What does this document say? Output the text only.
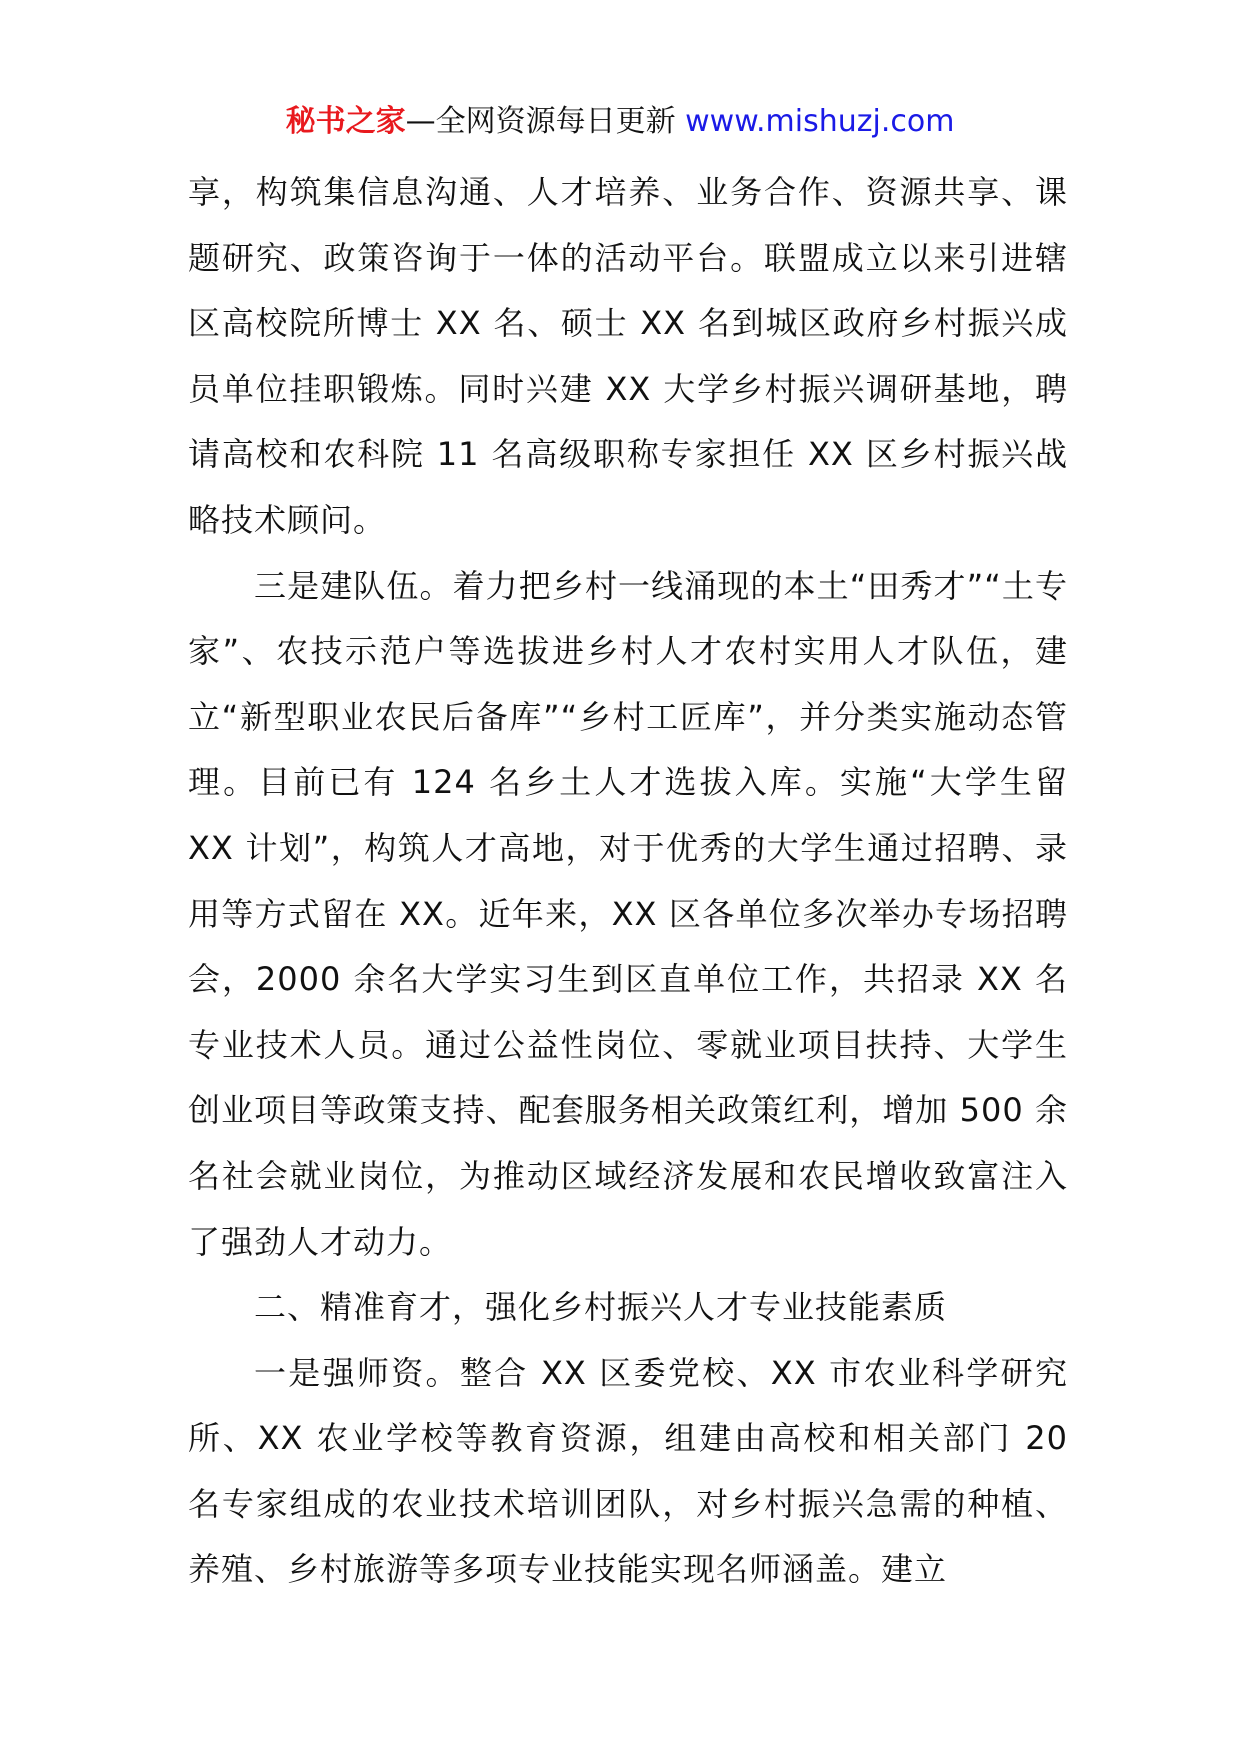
秘书之家—全网资源每日更新 www.mishuzj.com

享，构筑集信息沟通、人才培养、业务合作、资源共享、课题研究、政策咨询于一体的活动平台。联盟成立以来引进辖区高校院所博士 XX 名、硕士 XX 名到城区政府乡村振兴成员单位挂职锻炼。同时兴建 XX 大学乡村振兴调研基地，聘请高校和农科院 11 名高级职称专家担任 XX 区乡村振兴战略技术顾问。

三是建队伍。着力把乡村一线涌现的本土“田秀才”“土专家”、农技示范户等选拔进乡村人才农村实用人才队伍，建立“新型职业农民后备库”“乡村工匠库”，并分类实施动态管理。目前已有 124 名乡土人才选拔入库。实施“大学生留 XX 计划”，构筑人才高地，对于优秀的大学生通过招聘、录用等方式留在 XX。近年来，XX 区各单位多次举办专场招聘会，2000 余名大学实习生到区直单位工作，共招录 XX 名专业技术人员。通过公益性岗位、零就业项目扶持、大学生创业项目等政策支持、配套服务相关政策红利，增加 500 余名社会就业岗位，为推动区域经济发展和农民增收致富注入了强劲人才动力。

二、精准育才，强化乡村振兴人才专业技能素质

一是强师资。整合 XX 区委党校、XX 市农业科学研究所、XX 农业学校等教育资源，组建由高校和相关部门 20 名专家组成的农业技术培训团队，对乡村振兴急需的种植、养殖、乡村旅游等多项专业技能实现名师涵盖。建立
